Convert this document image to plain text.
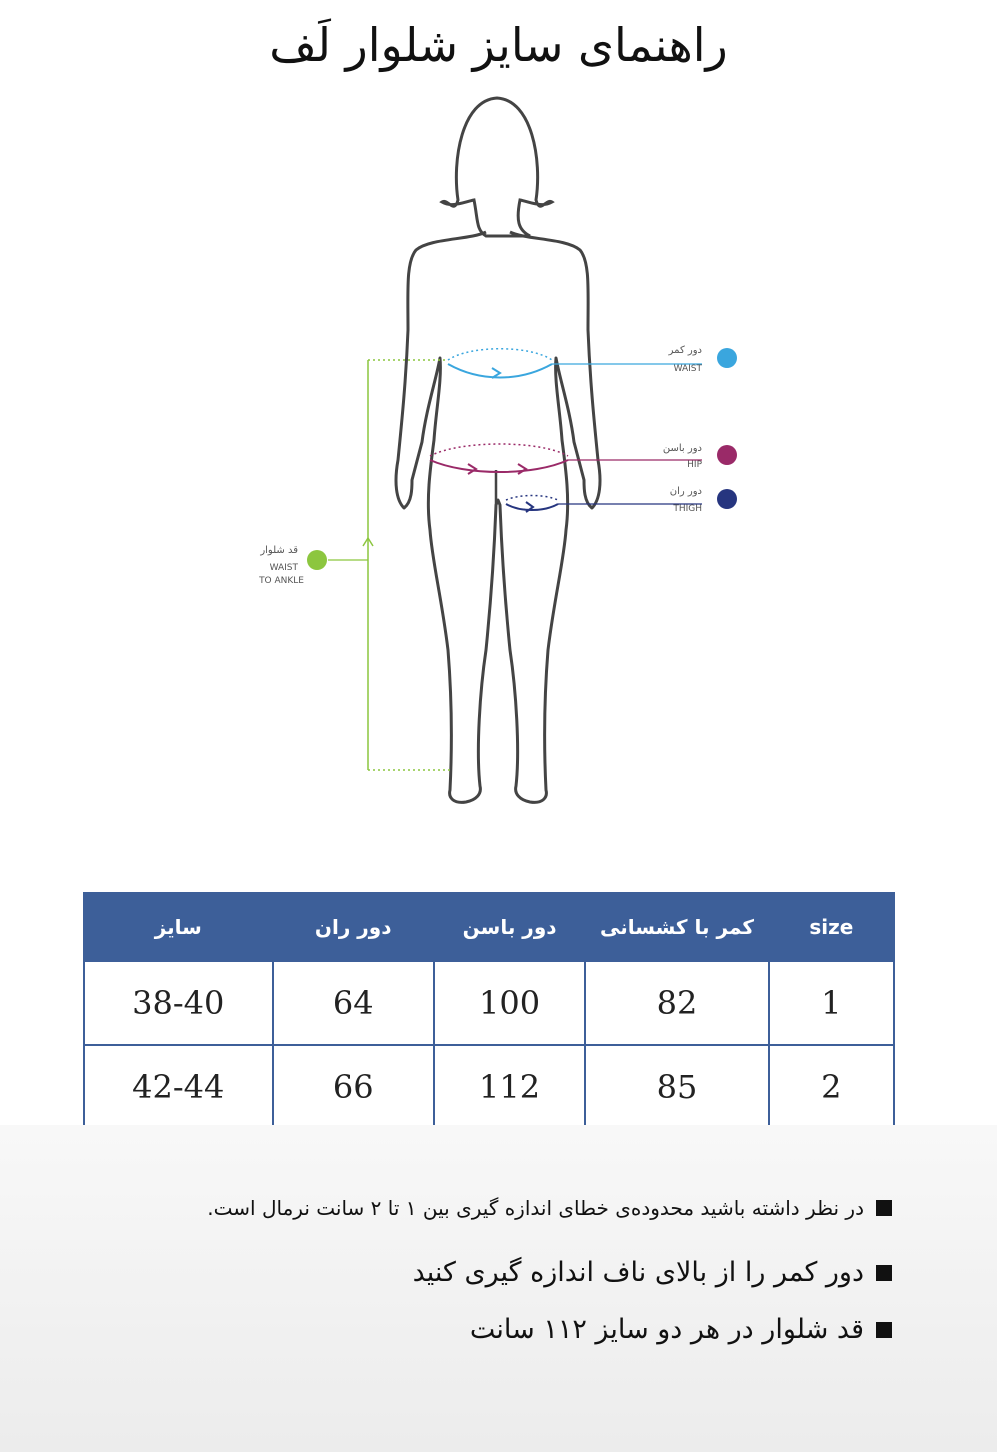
راهنمای سایز شلوار لَف
دور کمر
WAIST
دور باسن
HIP
دور ران
THIGH
قد شلوار
WAIST
TO ANKLE
size	کمر با کشسانی	دور باسن	دور ران	سایز
1	82	100	64	38-40
2	85	112	66	42-44
در نظر داشته باشید محدوده‌ی خطای اندازه گیری بین ۱ تا ۲ سانت نرمال است.
دور کمر را از بالای ناف اندازه گیری کنید
قد شلوار در هر دو سایز ۱۱۲ سانت
